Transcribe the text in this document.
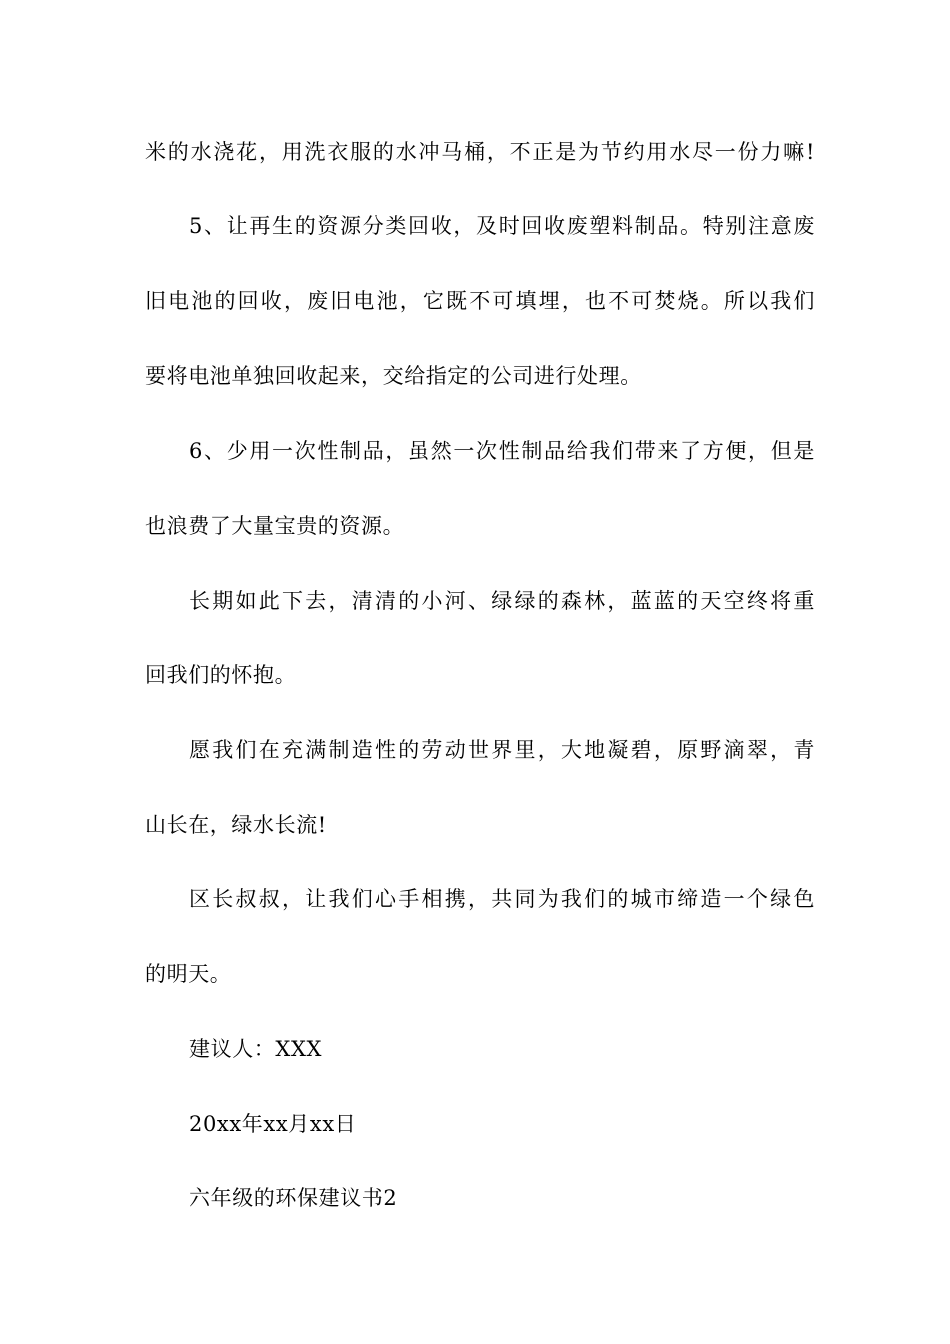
米的水浇花，用洗衣服的水冲马桶，不正是为节约用水尽一份力嘛!
5、让再生的资源分类回收，及时回收废塑料制品。特别注意废
旧电池的回收，废旧电池，它既不可填埋，也不可焚烧。所以我们
要将电池单独回收起来，交给指定的公司进行处理。
6、少用一次性制品，虽然一次性制品给我们带来了方便，但是
也浪费了大量宝贵的资源。
长期如此下去，清清的小河、绿绿的森林，蓝蓝的天空终将重
回我们的怀抱。
愿我们在充满制造性的劳动世界里，大地凝碧，原野滴翠，青
山长在，绿水长流!
区长叔叔，让我们心手相携，共同为我们的城市缔造一个绿色
的明天。
建议人：XXX
20xx年xx月xx日
六年级的环保建议书2
